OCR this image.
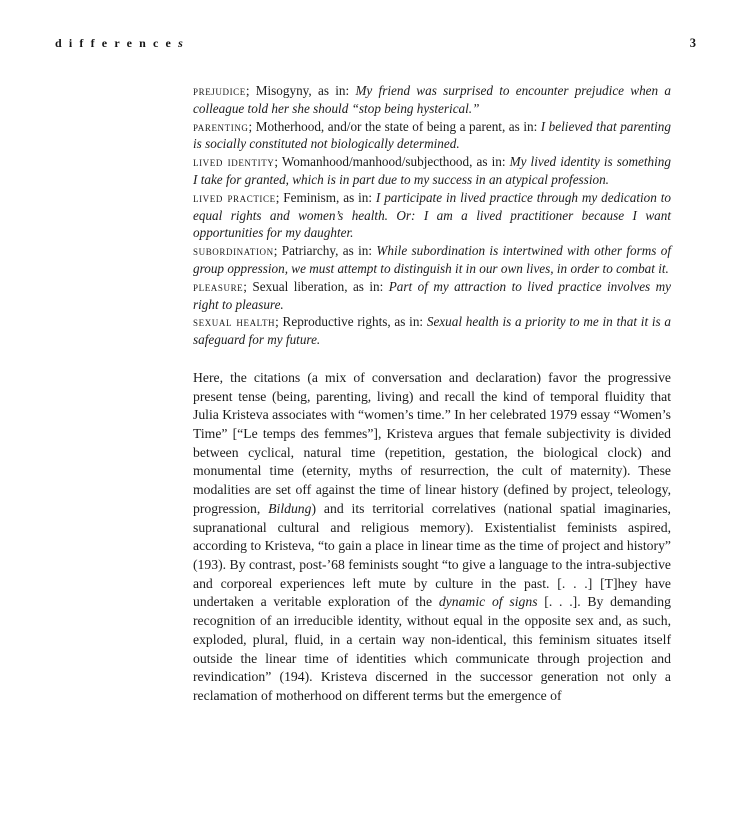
differences	3

prejudice; Misogyny, as in: My friend was surprised to encounter prejudice when a colleague told her she should “stop being hysterical.”

parenting; Motherhood, and/or the state of being a parent, as in: I believed that parenting is socially constituted not biologically determined.

lived identity; Womanhood/manhood/subjecthood, as in: My lived identity is something I take for granted, which is in part due to my success in an atypical profession.

lived practice; Feminism, as in: I participate in lived practice through my dedication to equal rights and women’s health. Or: I am a lived practitioner because I want opportunities for my daughter.

subordination; Patriarchy, as in: While subordination is intertwined with other forms of group oppression, we must attempt to distinguish it in our own lives, in order to combat it.

pleasure; Sexual liberation, as in: Part of my attraction to lived practice involves my right to pleasure.

sexual health; Reproductive rights, as in: Sexual health is a priority to me in that it is a safeguard for my future.

Here, the citations (a mix of conversation and declaration) favor the progressive present tense (being, parenting, living) and recall the kind of temporal fluidity that Julia Kristeva associates with “women’s time.” In her celebrated 1979 essay “Women’s Time” [“Le temps des femmes”], Kristeva argues that female subjectivity is divided between cyclical, natural time (repetition, gestation, the biological clock) and monumental time (eternity, myths of resurrection, the cult of maternity). These modalities are set off against the time of linear history (defined by project, teleology, progression, Bildung) and its territorial correlatives (national spatial imaginaries, supranational cultural and religious memory). Existentialist feminists aspired, according to Kristeva, “to gain a place in linear time as the time of project and history” (193). By contrast, post-’68 feminists sought “to give a language to the intra-subjective and corporeal experiences left mute by culture in the past. [. . .] [T]hey have undertaken a veritable exploration of the dynamic of signs [. . .]. By demanding recognition of an irreducible identity, without equal in the opposite sex and, as such, exploded, plural, fluid, in a certain way non-identical, this feminism situates itself outside the linear time of identities which communicate through projection and revindication” (194). Kristeva discerned in the successor generation not only a reclamation of motherhood on different terms but the emergence of
